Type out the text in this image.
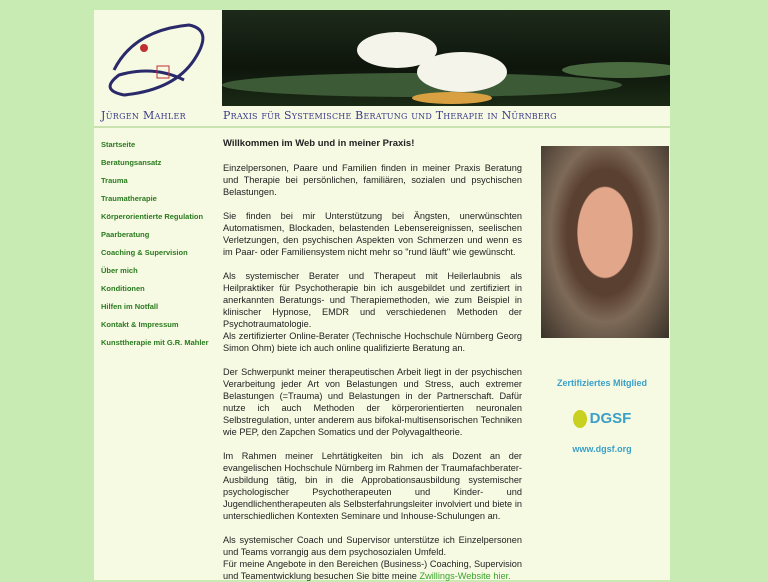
Jürgen Mahler	Praxis für Systemische Beratung und Therapie in Nürnberg
Startseite
Beratungsansatz
Trauma
Traumatherapie
Körperorientierte Regulation
Paarberatung
Coaching & Supervision
Über mich
Konditionen
Hilfen im Notfall
Kontakt & Impressum
Kunsttherapie mit G.R. Mahler
Willkommen im Web und in meiner Praxis!

Einzelpersonen, Paare und Familien finden in meiner Praxis Beratung und Therapie bei persönlichen, familiären, sozialen und psychischen Belastungen.

Sie finden bei mir Unterstützung bei Ängsten, unerwünschten Automatismen, Blockaden, belastenden Lebensereignissen, seelischen Verletzungen, den psychischen Aspekten von Schmerzen und wenn es im Paar- oder Familiensystem nicht mehr so "rund läuft" wie gewünscht.

Als systemischer Berater und Therapeut mit Heilerlaubnis als Heilpraktiker für Psychotherapie bin ich ausgebildet und zertifiziert in anerkannten Beratungs- und Therapiemethoden, wie zum Beispiel in klinischer Hypnose, EMDR und verschiedenen Methoden der Psychotraumatologie.

Als zertifizierter Online-Berater (Technische Hochschule Nürnberg Georg Simon Ohm) biete ich auch online qualifizierte Beratung an.

Der Schwerpunkt meiner therapeutischen Arbeit liegt in der psychischen Verarbeitung jeder Art von Belastungen und Stress, auch extremer Belastungen (=Trauma) und Belastungen in der Partnerschaft. Dafür nutze ich auch Methoden der körperorientierten neuronalen Selbstregulation, unter anderem aus bifokal-multisensorischen Techniken wie PEP, den Zapchen Somatics und der Polyvagaltheorie.

Im Rahmen meiner Lehrtätigkeiten bin ich als Dozent an der evangelischen Hochschule Nürnberg im Rahmen der Traumafachberater-Ausbildung tätig, bin in die Approbationsausbildung systemischer psychologischer Psychotherapeuten und Kinder- und Jugendlichentherapeuten als Selbsterfahrungsleiter involviert und biete in unterschiedlichen Kontexten Seminare und Inhouse-Schulungen an.

Als systemischer Coach und Supervisor unterstütze ich Einzelpersonen und Teams vorrangig aus dem psychosozialen Umfeld.

Für meine Angebote in den Bereichen (Business-) Coaching, Supervision und Teamentwicklung besuchen Sie bitte meine Zwillings-Website hier.

Zertifiziertes Mitglied
DGSF
www.dgsf.org
